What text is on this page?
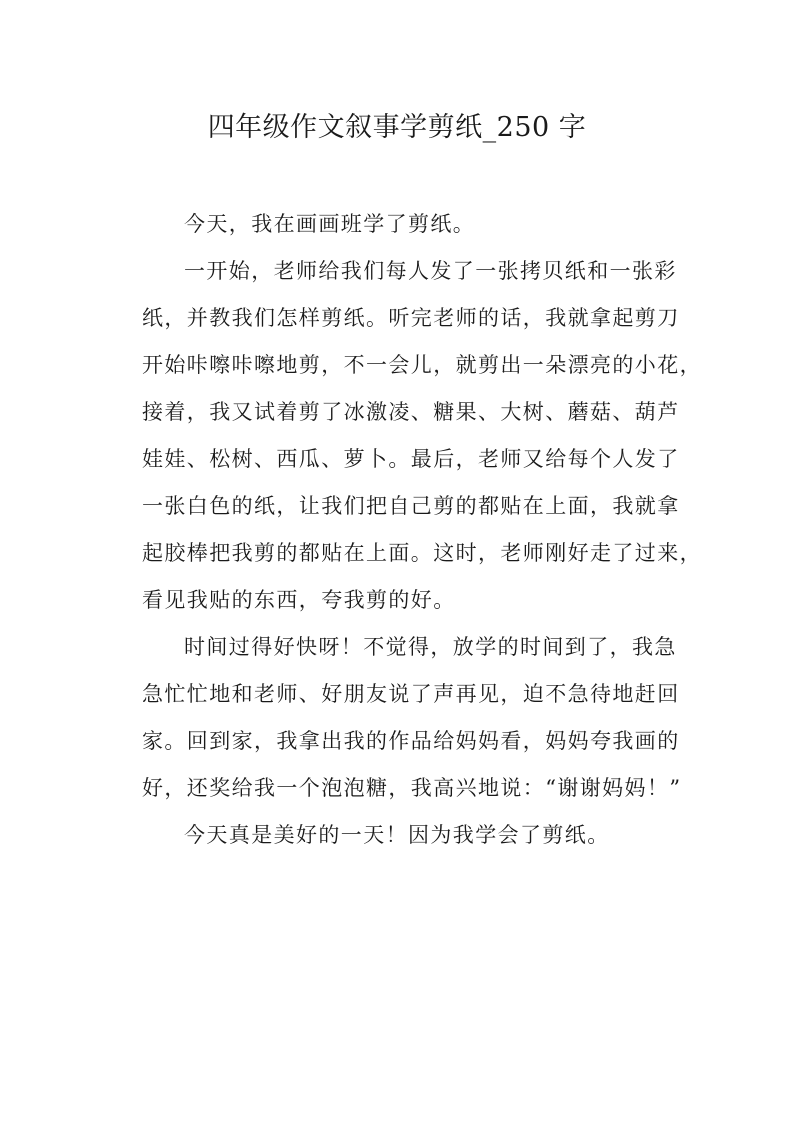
四年级作文叙事学剪纸_250 字

今天，我在画画班学了剪纸。

一开始，老师给我们每人发了一张拷贝纸和一张彩

纸，并教我们怎样剪纸。听完老师的话，我就拿起剪刀

开始咔嚓咔嚓地剪，不一会儿，就剪出一朵漂亮的小花，

接着，我又试着剪了冰激凌、糖果、大树、蘑菇、葫芦

娃娃、松树、西瓜、萝卜。最后，老师又给每个人发了

一张白色的纸，让我们把自己剪的都贴在上面，我就拿

起胶棒把我剪的都贴在上面。这时，老师刚好走了过来，

看见我贴的东西，夸我剪的好。

时间过得好快呀！不觉得，放学的时间到了，我急

急忙忙地和老师、好朋友说了声再见，迫不急待地赶回

家。回到家，我拿出我的作品给妈妈看，妈妈夸我画的

好，还奖给我一个泡泡糖，我高兴地说：“谢谢妈妈！”

今天真是美好的一天！因为我学会了剪纸。
